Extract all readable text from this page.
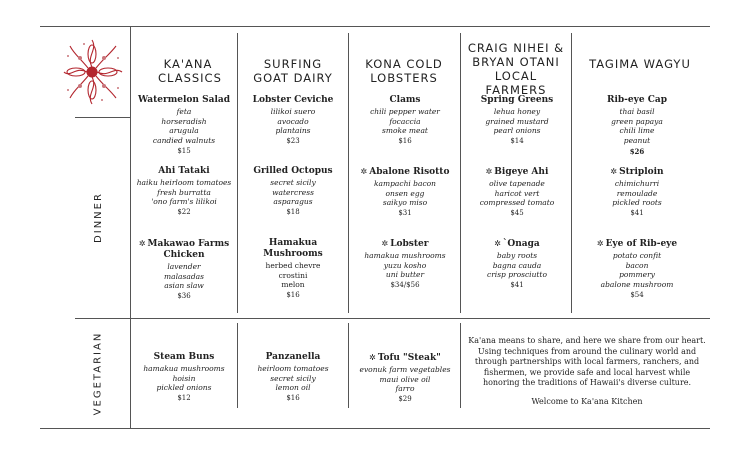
DINNER
VEGETARIAN
KA'ANA CLASSICS
SURFING GOAT DAIRY
KONA COLD LOBSTERS
CRAIG NIHEI & BRYAN OTANI LOCAL FARMERS
TAGIMA WAGYU
Watermelon Salad
feta
horseradish
arugula
candied walnuts
$15
Ahi Tataki
haiku heirloom tomatoes
fresh burratta
'ono farm's lilikoi
$22
✲ Makawao Farms Chicken
lavender
malasadas
asian slaw
$36
Lobster Ceviche
lilikoi suero
avocado
plantains
$23
Grilled Octopus
secret sicily
watercress
asparagus
$18
Hamakua Mushrooms
herbed chevre
crostini
melon
$16
Clams
chili pepper water
focaccia
smoke meat
$16
✲ Abalone Risotto
kampachi bacon
onsen egg
saikyo miso
$31
✲ Lobster
hamakua mushrooms
yuzu kosho
uni butter
$34/$56
Spring Greens
lehua honey
grained mustard
pearl onions
$14
✲ Bigeye Ahi
olive tapenade
haricot vert
compressed tomato
$45
✲ `Onaga
baby roots
bagna cauda
crisp prosciutto
$41
Rib-eye Cap
thai basil
green papaya
chili lime
peanut
$26
✲ Striploin
chimichurri
remoulade
pickled roots
$41
✲ Eye of Rib-eye
potato confit
bacon
pommery
abalone mushroom
$54
Steam Buns
hamakua mushrooms
hoisin
pickled onions
$12
Panzanella
heirloom tomatoes
secret sicily
lemon oil
$16
✲ Tofu "Steak"
evonuk farm vegetables
maui olive oil
farro
$29
Ka'ana means to share, and here we share from our heart. Using techniques from around the culinary world and through partnerships with local farmers, ranchers, and fishermen, we provide safe and local harvest while honoring the traditions of Hawaii's diverse culture.
Welcome to Ka'ana Kitchen
